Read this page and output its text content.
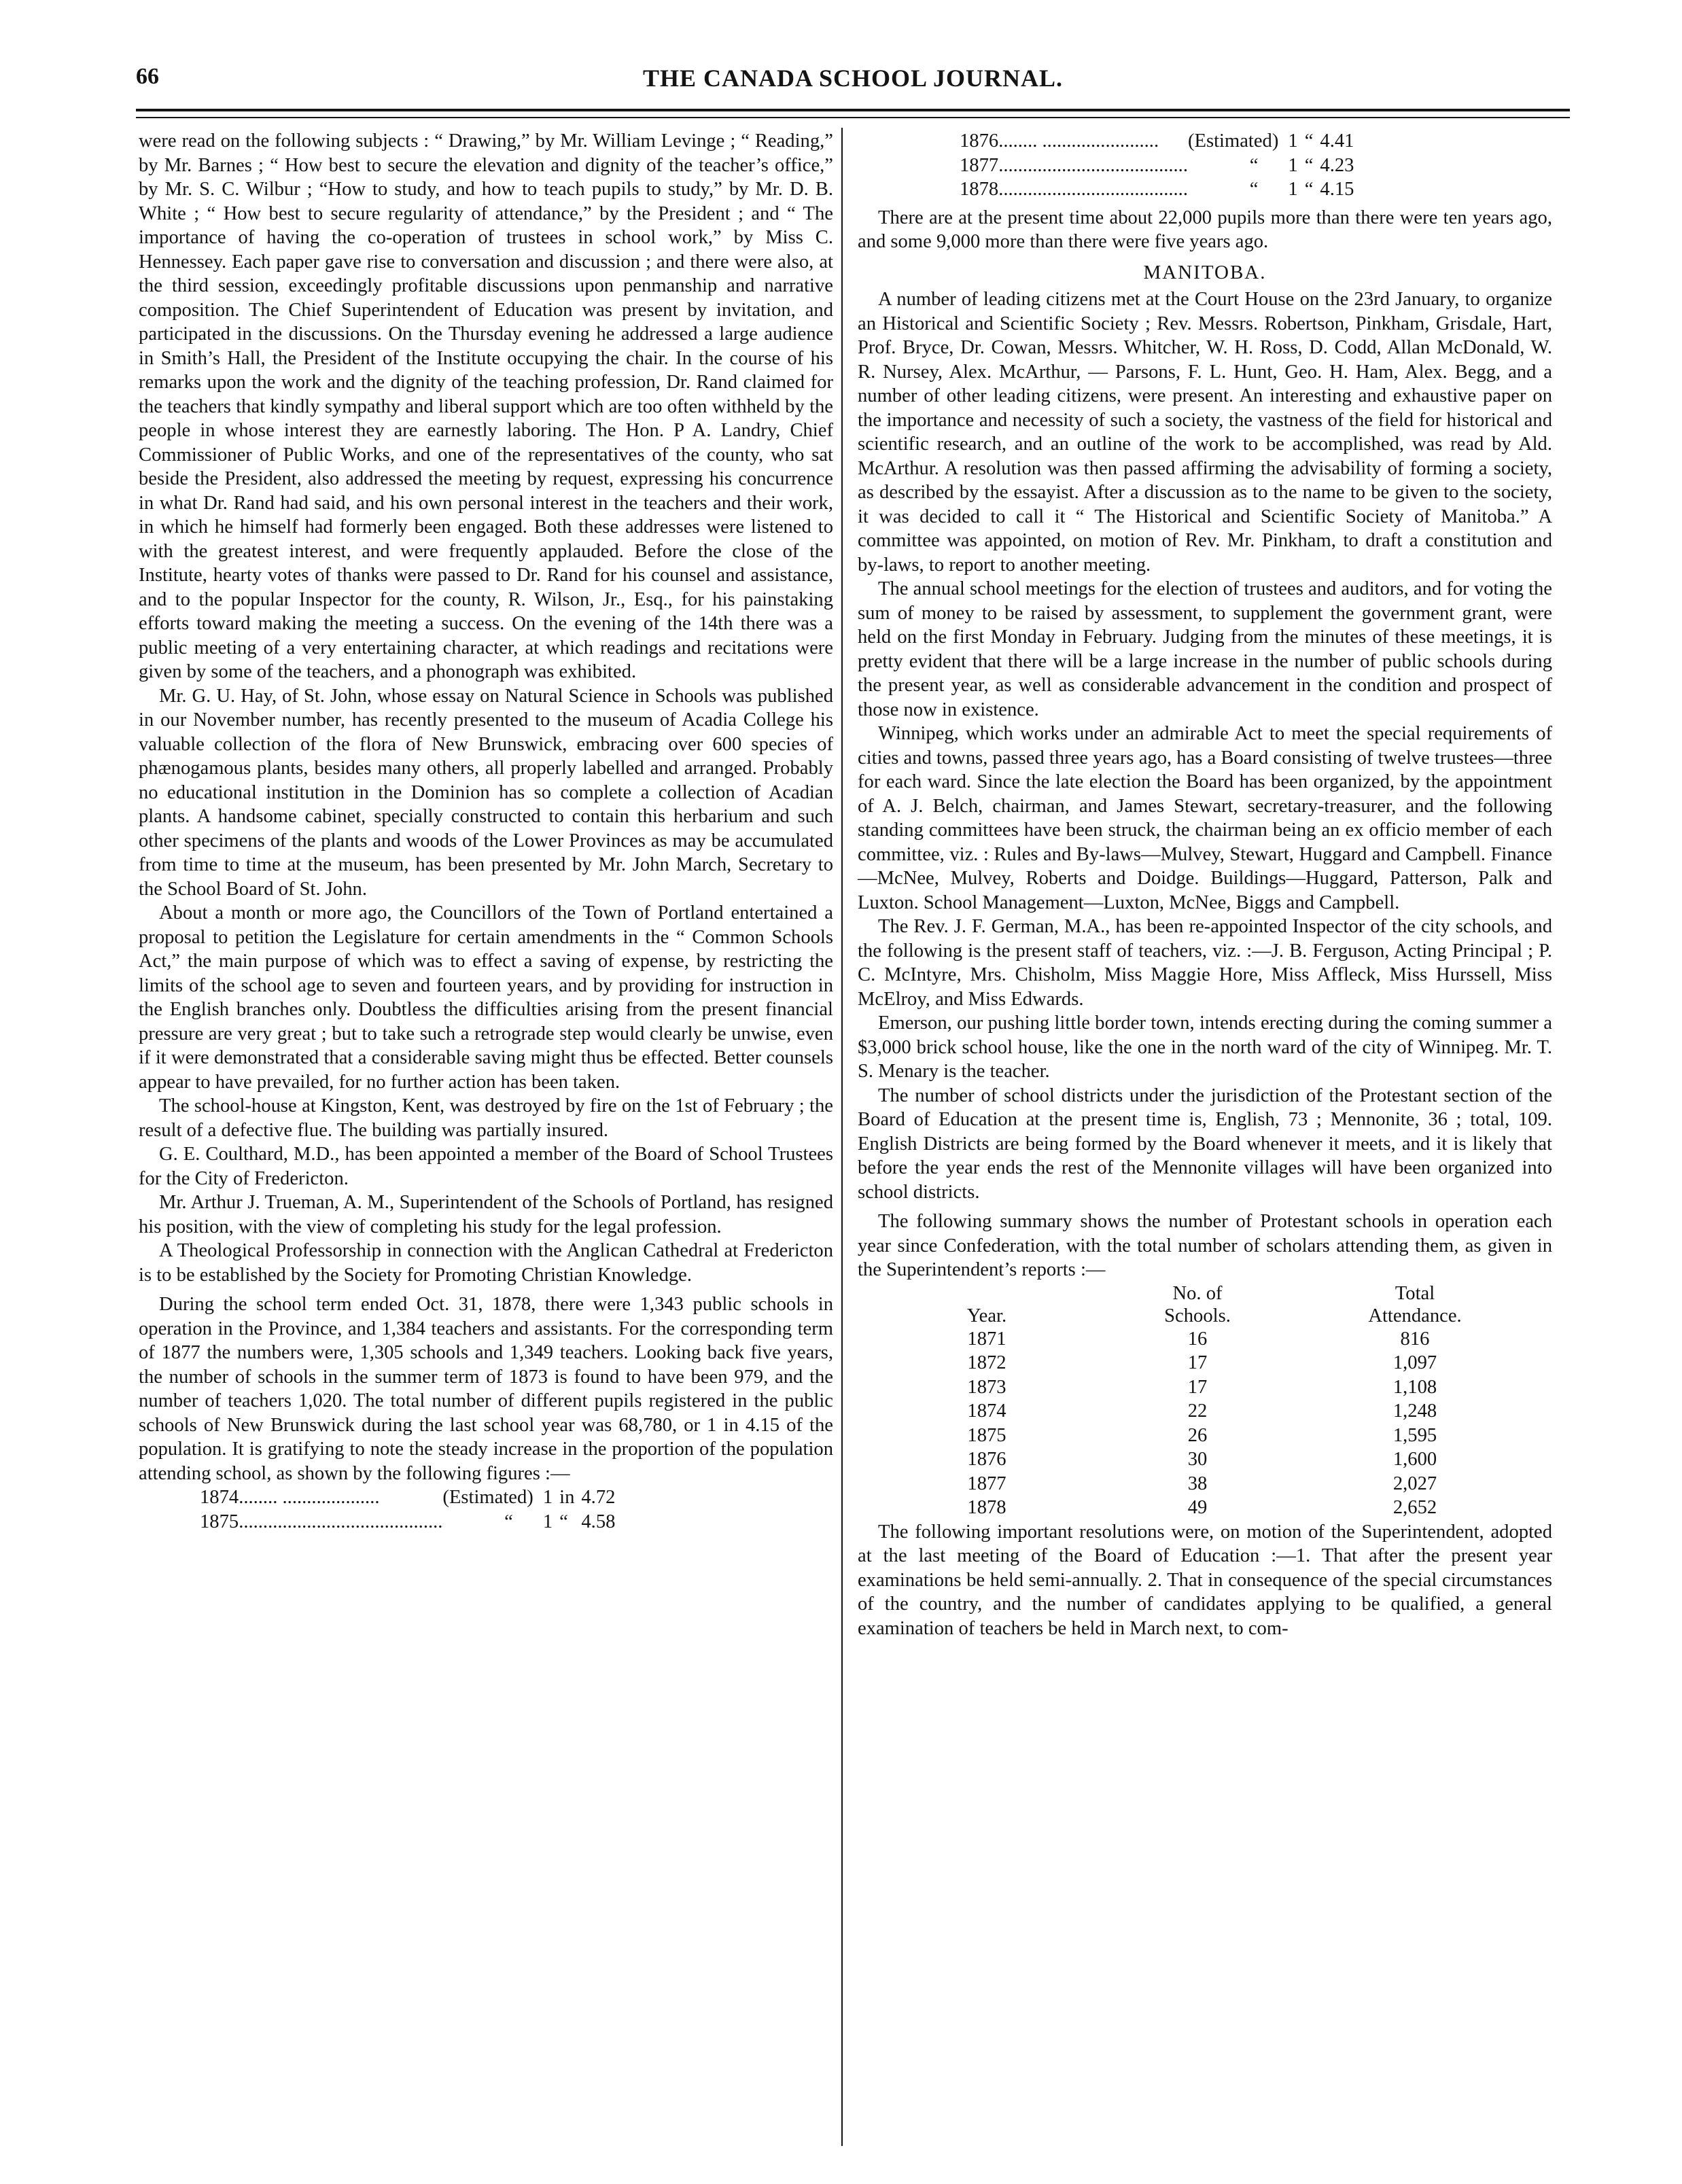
THE CANADA SCHOOL JOURNAL.
66

were read on the following subjects : “ Drawing,” by Mr. William Levinge ; “ Reading,” by Mr. Barnes ; “ How best to secure the elevation and dignity of the teacher’s office,” by Mr. S. C. Wilbur ; “How to study, and how to teach pupils to study,” by Mr. D. B. White ; “ How best to secure regularity of attendance,” by the President ; and “ The importance of having the co-operation of trustees in school work,” by Miss C. Hennessey. Each paper gave rise to conversation and discussion ; and there were also, at the third session, exceedingly profitable discussions upon penmanship and narrative composition. The Chief Superintendent of Education was present by invitation, and participated in the discussions. On the Thursday evening he addressed a large audience in Smith’s Hall, the President of the Institute occupying the chair. In the course of his remarks upon the work and the dignity of the teaching profession, Dr. Rand claimed for the teachers that kindly sympathy and liberal support which are too often withheld by the people in whose interest they are earnestly laboring. The Hon. P A. Landry, Chief Commissioner of Public Works, and one of the representatives of the county, who sat beside the President, also addressed the meeting by request, expressing his concurrence in what Dr. Rand had said, and his own personal interest in the teachers and their work, in which he himself had formerly been engaged. Both these addresses were listened to with the greatest interest, and were frequently applauded. Before the close of the Institute, hearty votes of thanks were passed to Dr. Rand for his counsel and assistance, and to the popular Inspector for the county, R. Wilson, Jr., Esq., for his painstaking efforts toward making the meeting a success. On the evening of the 14th there was a public meeting of a very entertaining character, at which readings and recitations were given by some of the teachers, and a phonograph was exhibited.

Mr. G. U. Hay, of St. John, whose essay on Natural Science in Schools was published in our November number, has recently presented to the museum of Acadia College his valuable collection of the flora of New Brunswick, embracing over 600 species of phænogamous plants, besides many others, all properly labelled and arranged. Probably no educational institution in the Dominion has so complete a collection of Acadian plants. A handsome cabinet, specially constructed to contain this herbarium and such other specimens of the plants and woods of the Lower Provinces as may be accumulated from time to time at the museum, has been presented by Mr. John March, Secretary to the School Board of St. John.

About a month or more ago, the Councillors of the Town of Portland entertained a proposal to petition the Legislature for certain amendments in the “ Common Schools Act,” the main purpose of which was to effect a saving of expense, by restricting the limits of the school age to seven and fourteen years, and by providing for instruction in the English branches only. Doubtless the difficulties arising from the present financial pressure are very great ; but to take such a retrograde step would clearly be unwise, even if it were demonstrated that a considerable saving might thus be effected. Better counsels appear to have prevailed, for no further action has been taken.

The school-house at Kingston, Kent, was destroyed by fire on the 1st of February ; the result of a defective flue. The building was partially insured.

G. E. Coulthard, M.D., has been appointed a member of the Board of School Trustees for the City of Fredericton.

Mr. Arthur J. Trueman, A. M., Superintendent of the Schools of Portland, has resigned his position, with the view of completing his study for the legal profession.

A Theological Professorship in connection with the Anglican Cathedral at Fredericton is to be established by the Society for Promoting Christian Knowledge.

During the school term ended Oct. 31, 1878, there were 1,343 public schools in operation in the Province, and 1,384 teachers and assistants. For the corresponding term of 1877 the numbers were, 1,305 schools and 1,349 teachers. Looking back five years, the number of schools in the summer term of 1873 is found to have been 979, and the number of teachers 1,020. The total number of different pupils registered in the public schools of New Brunswick during the last school year was 68,780, or 1 in 4.15 of the population. It is gratifying to note the steady increase in the proportion of the population attending school, as shown by the following figures :—

1874	........ ....................	(Estimated)	1	in	4.72
1875	..........................................	“	1	“	4.58
1876	........ ........................	(Estimated)	1	“	4.41
1877	.......................................	“	1	“	4.23
1878	.......................................	“	1	“	4.15

There are at the present time about 22,000 pupils more than there were ten years ago, and some 9,000 more than there were five years ago.

MANITOBA.

A number of leading citizens met at the Court House on the 23rd January, to organize an Historical and Scientific Society ; Rev. Messrs. Robertson, Pinkham, Grisdale, Hart, Prof. Bryce, Dr. Cowan, Messrs. Whitcher, W. H. Ross, D. Codd, Allan McDonald, W. R. Nursey, Alex. McArthur, — Parsons, F. L. Hunt, Geo. H. Ham, Alex. Begg, and a number of other leading citizens, were present. An interesting and exhaustive paper on the importance and necessity of such a society, the vastness of the field for historical and scientific research, and an outline of the work to be accomplished, was read by Ald. McArthur. A resolution was then passed affirming the advisability of forming a society, as described by the essayist. After a discussion as to the name to be given to the society, it was decided to call it “ The Historical and Scientific Society of Manitoba.” A committee was appointed, on motion of Rev. Mr. Pinkham, to draft a constitution and by-laws, to report to another meeting.

The annual school meetings for the election of trustees and auditors, and for voting the sum of money to be raised by assessment, to supplement the government grant, were held on the first Monday in February. Judging from the minutes of these meetings, it is pretty evident that there will be a large increase in the number of public schools during the present year, as well as considerable advancement in the condition and prospect of those now in existence.

Winnipeg, which works under an admirable Act to meet the special requirements of cities and towns, passed three years ago, has a Board consisting of twelve trustees—three for each ward. Since the late election the Board has been organized, by the appointment of A. J. Belch, chairman, and James Stewart, secretary-treasurer, and the following standing committees have been struck, the chairman being an ex officio member of each committee, viz. : Rules and By-laws—Mulvey, Stewart, Huggard and Campbell. Finance —McNee, Mulvey, Roberts and Doidge. Buildings—Huggard, Patterson, Palk and Luxton. School Management—Luxton, McNee, Biggs and Campbell.

The Rev. J. F. German, M.A., has been re-appointed Inspector of the city schools, and the following is the present staff of teachers, viz. :—J. B. Ferguson, Acting Principal ; P. C. McIntyre, Mrs. Chisholm, Miss Maggie Hore, Miss Affleck, Miss Hurssell, Miss McElroy, and Miss Edwards.

Emerson, our pushing little border town, intends erecting during the coming summer a $3,000 brick school house, like the one in the north ward of the city of Winnipeg. Mr. T. S. Menary is the teacher.

The number of school districts under the jurisdiction of the Protestant section of the Board of Education at the present time is, English, 73 ; Mennonite, 36 ; total, 109. English Districts are being formed by the Board whenever it meets, and it is likely that before the year ends the rest of the Mennonite villages will have been organized into school districts.

The following summary shows the number of Protestant schools in operation each year since Confederation, with the total number of scholars attending them, as given in the Superintendent’s reports :—

	No. of	Total
Year.	Schools.	Attendance.
1871	16	816
1872	17	1,097
1873	17	1,108
1874	22	1,248
1875	26	1,595
1876	30	1,600
1877	38	2,027
1878	49	2,652

The following important resolutions were, on motion of the Superintendent, adopted at the last meeting of the Board of Education :—1. That after the present year examinations be held semi-annually. 2. That in consequence of the special circumstances of the country, and the number of candidates applying to be qualified, a general examination of teachers be held in March next, to com-
